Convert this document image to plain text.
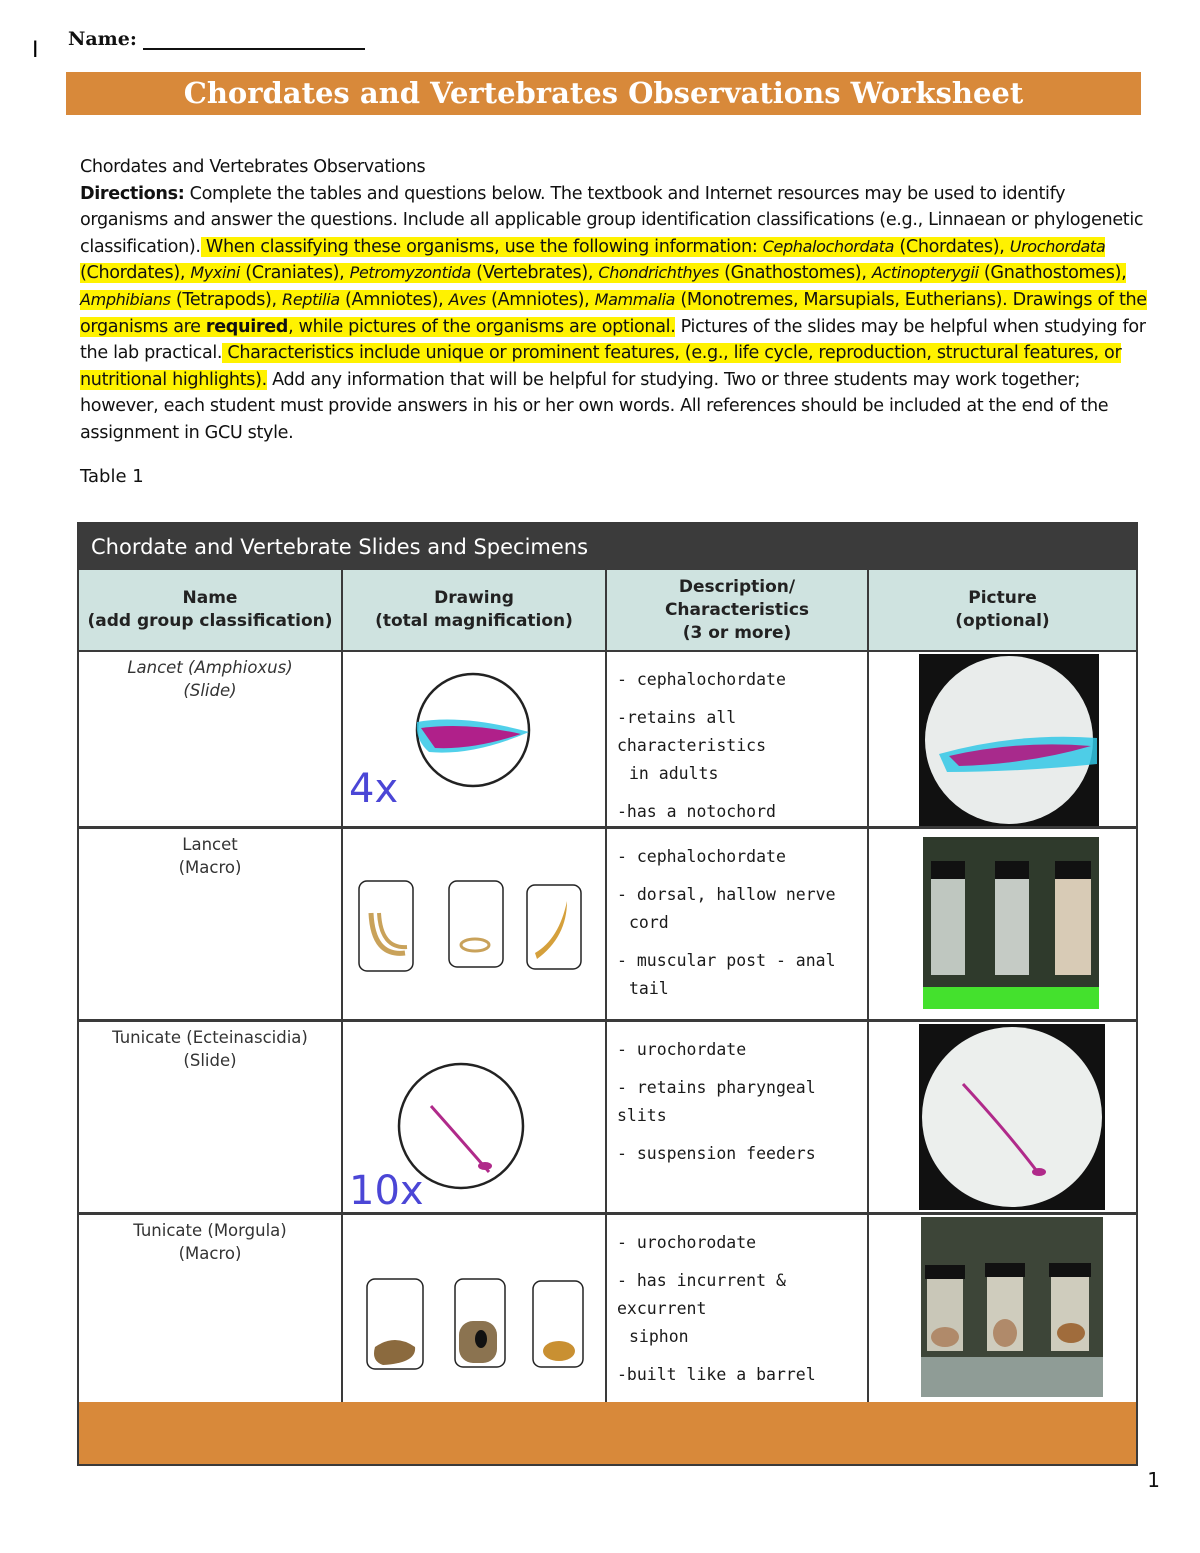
I Name:
Chordates and Vertebrates Observations Worksheet

Chordates and Vertebrates Observations

Directions: Complete the tables and questions below. The textbook and Internet resources may be used to identify organisms and answer the questions. Include all applicable group identification classifications (e.g., Linnaean or phylogenetic classification). When classifying these organisms, use the following information: Cephalochordata (Chordates), Urochordata (Chordates), Myxini (Craniates), Petromyzontida (Vertebrates), Chondrichthyes (Gnathostomes), Actinopterygii (Gnathostomes), Amphibians (Tetrapods), Reptilia (Amniotes), Aves (Amniotes), Mammalia (Monotremes, Marsupials, Eutherians). Drawings of the organisms are required, while pictures of the organisms are optional. Pictures of the slides may be helpful when studying for the lab practical. Characteristics include unique or prominent features, (e.g., life cycle, reproduction, structural features, or nutritional highlights). Add any information that will be helpful for studying. Two or three students may work together; however, each student must provide answers in his or her own words. All references should be included at the end of the assignment in GCU style.

Table 1
Chordate and Vertebrate Slides and Specimens
Name
(add group classification)
Drawing
(total magnification)
Description/
Characteristics
(3 or more)
Picture
(optional)
Lancet (Amphioxus)
(Slide)
4x
- cephalochordate
-retains all characteristics
in adults
-has a notochord
Lancet
(Macro)
- cephalochordate
- dorsal, hallow nerve
cord
- muscular post - anal
tail
Tunicate (Ecteinascidia)
(Slide)
10x
- urochordate
- retains pharyngeal slits
- suspension feeders
Tunicate (Morgula)
(Macro)
- urochorodate
- has incurrent & excurrent
siphon
-built like a barrel
1
